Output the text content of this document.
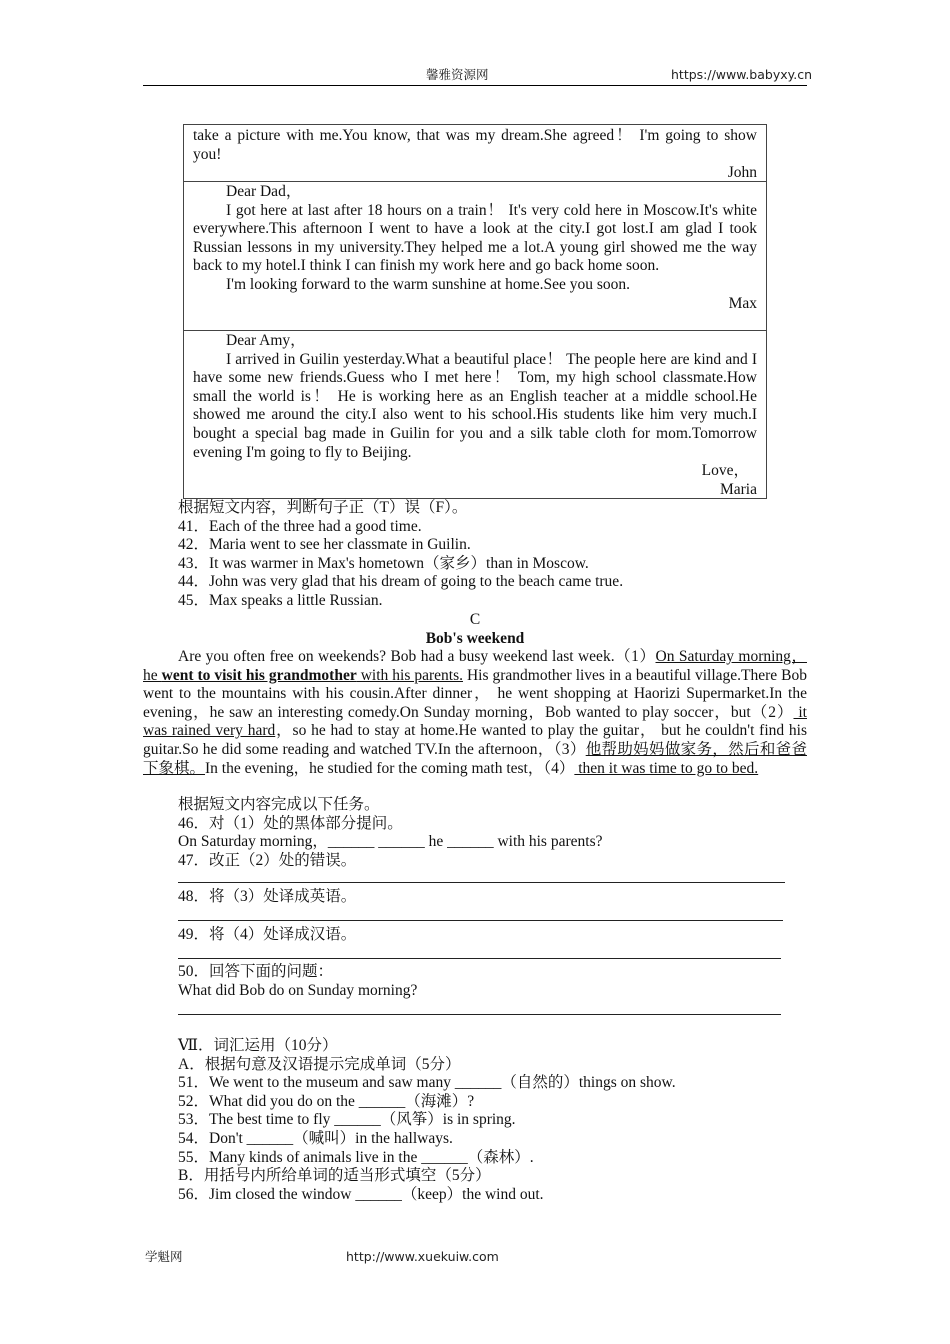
馨雅资源网	https://www.babyxy.cn
take a picture with me.You know, that was my dream.She agreed！ I'm going to show you!
John
Dear Dad，
I got here at last after 18 hours on a train！ It's very cold here in Moscow.It's white everywhere.This afternoon I went to have a look at the city.I got lost.I am glad I took Russian lessons in my university.They helped me a lot.A young girl showed me the way back to my hotel.I think I can finish my work here and go back home soon.
I'm looking forward to the warm sunshine at home.See you soon.
Max
Dear Amy，
I arrived in Guilin yesterday.What a beautiful place！ The people here are kind and I have some new friends.Guess who I met here！ Tom, my high school classmate.How small the world is！ He is working here as an English teacher at a middle school.He showed me around the city.I also went to his school.His students like him very much.I bought a special bag made in Guilin for you and a silk table cloth for mom.Tomorrow evening I'm going to fly to Beijing.
Love，
Maria
根据短文内容，判断句子正（T）误（F）。
41．Each of the three had a good time.
42．Maria went to see her classmate in Guilin.
43．It was warmer in Max's hometown（家乡）than in Moscow.
44．John was very glad that his dream of going to the beach came true.
45．Max speaks a little Russian.
C
Bob's weekend
Are you often free on weekends? Bob had a busy weekend last week.（1）On Saturday morning，he went to visit his grandmother with his parents. His grandmother lives in a beautiful village.There Bob went to the mountains with his cousin.After dinner， he went shopping at Haorizi Supermarket.In the evening，he saw an interesting comedy.On Sunday morning，Bob wanted to play soccer，but（2） it was rained very hard，so he had to stay at home.He wanted to play the guitar， but he couldn't find his guitar.So he did some reading and watched TV.In the afternoon，（3）他帮助妈妈做家务，然后和爸爸下象棋。In the evening，he studied for the coming math test，（4） then it was time to go to bed.
根据短文内容完成以下任务。
46．对（1）处的黑体部分提问。
On Saturday morning，______ ______ he ______ with his parents?
47．改正（2）处的错误。
48．将（3）处译成英语。
49．将（4）处译成汉语。
50．回答下面的问题：
What did Bob do on Sunday morning?
Ⅶ．词汇运用（10分）
A．根据句意及汉语提示完成单词（5分）
51．We went to the museum and saw many ______（自然的）things on show.
52．What did you do on the ______（海滩）?
53．The best time to fly ______（风筝）is in spring.
54．Don't ______（喊叫）in the hallways.
55．Many kinds of animals live in the ______（森林）.
B．用括号内所给单词的适当形式填空（5分）
56．Jim closed the window ______（keep）the wind out.
学魁网	http://www.xuekuiw.com
